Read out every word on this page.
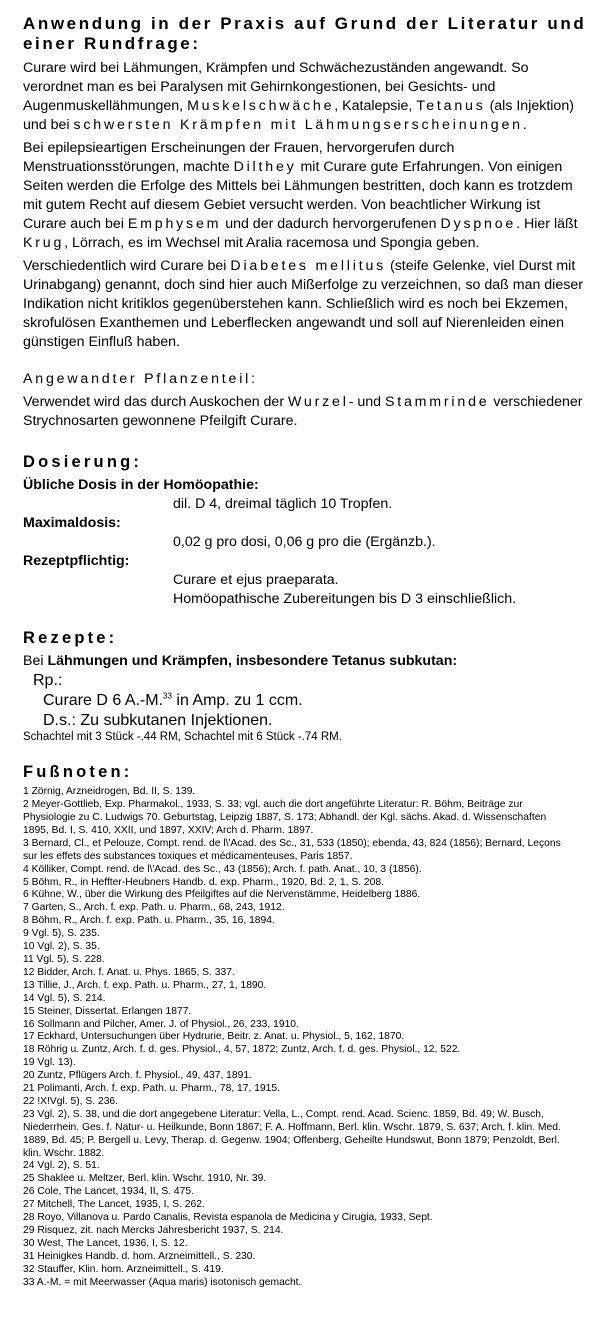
Anwendung in der Praxis auf Grund der Literatur und einer Rundfrage:

Curare wird bei Lähmungen, Krämpfen und Schwächezuständen angewandt. So verordnet man es bei Paralysen mit Gehirnkongestionen, bei Gesichts- und Augenmuskellähmungen, Muskelschwäche, Katalepsie, Tetanus (als Injektion) und bei schwersten Krämpfen mit Lähmungserscheinungen.

Bei epilepsieartigen Erscheinungen der Frauen, hervorgerufen durch Menstruationsstörungen, machte Dilthey mit Curare gute Erfahrungen. Von einigen Seiten werden die Erfolge des Mittels bei Lähmungen bestritten, doch kann es trotzdem mit gutem Recht auf diesem Gebiet versucht werden. Von beachtlicher Wirkung ist Curare auch bei Emphysem und der dadurch hervorgerufenen Dyspnoe. Hier läßt Krug, Lörrach, es im Wechsel mit Aralia racemosa und Spongia geben.

Verschiedentlich wird Curare bei Diabetes mellitus (steife Gelenke, viel Durst mit Urinabgang) genannt, doch sind hier auch Mißerfolge zu verzeichnen, so daß man dieser Indikation nicht kritiklos gegenüberstehen kann. Schließlich wird es noch bei Ekzemen, skrofulösen Exanthemen und Leberflecken angewandt und soll auf Nierenleiden einen günstigen Einfluß haben.

Angewandter Pflanzenteil:

Verwendet wird das durch Auskochen der Wurzel- und Stammrinde verschiedener Strychnosarten gewonnene Pfeilgift Curare.

Dosierung:
Übliche Dosis in der Homöopathie:
dil. D 4, dreimal täglich 10 Tropfen.
Maximaldosis:
0,02 g pro dosi, 0,06 g pro die (Ergänzb.).
Rezeptpflichtig:
Curare et ejus praeparata.
Homöopathische Zubereitungen bis D 3 einschließlich.
Rezepte:
Bei Lähmungen und Krämpfen, insbesondere Tetanus subkutan:
Rp.:
Curare D 6 A.-M.$^{33}$ in Amp. zu 1 ccm.
D.s.: Zu subkutanen Injektionen.
Schachtel mit 3 Stück -.44 RM, Schachtel mit 6 Stück -.74 RM.
Fußnoten:

1 Zörnig, Arzneidrogen, Bd. II, S. 139.

2 Meyer-Gottlieb, Exp. Pharmakol., 1933, S. 33; vgl. auch die dort angeführte Literatur: R. Böhm, Beiträge zur Physiologie zu C. Ludwigs 70. Geburtstag, Leipzig 1887, S. 173; Abhandl. der Kgl. sächs. Akad. d. Wissenschaften 1895, Bd. I, S. 410, XXII, und 1897, XXIV; Arch d. Pharm. 1897.

3 Bernard, Cl., et Pelouze, Compt. rend. de l\'Acad. des Sc., 31, 533 (1850); ebenda, 43, 824 (1856); Bernard, Leçons sur les effets des substances toxiques et médicamenteuses, Paris 1857.

4 Kölliker, Compt. rend. de l\'Acad. des Sc., 43 (1856); Arch. f. path. Anat., 10, 3 (1856).

5 Böhm, R., in Heffter-Heubners Handb. d. exp. Pharm., 1920, Bd. 2, 1, S. 208.

6 Kühne, W., über die Wirkung des Pfeilgiftes auf die Nervenstämme, Heidelberg 1886.

7 Garten, S., Arch. f. exp. Path. u. Pharm., 68, 243, 1912.

8 Böhm, R., Arch. f. exp. Path. u. Pharm., 35, 16, 1894.

9 Vgl. 5), S. 235.

10 Vgl. 2), S. 35.

11 Vgl. 5), S. 228.

12 Bidder, Arch. f. Anat. u. Phys. 1865, S. 337.

13 Tillie, J., Arch. f. exp. Path. u. Pharm., 27, 1, 1890.

14 Vgl. 5), S. 214.

15 Steiner, Dissertat. Erlangen 1877.

16 Sollmann and Pilcher, Amer. J. of Physiol., 26, 233, 1910.

17 Eckhard, Untersuchungen über Hydrurie, Beitr. z. Anat. u. Physiol., 5, 162, 1870.

18 Röhrig u. Zuntz, Arch. f. d. ges. Physiol., 4, 57, 1872; Zuntz, Arch. f. d. ges. Physiol., 12, 522.

19 Vgl. 13).

20 Zuntz, Pflügers Arch. f. Physiol., 49, 437, 1891.

21 Polimanti, Arch. f. exp. Path. u. Pharm., 78, 17, 1915.

22 !X!Vgl. 5), S. 236.

23 Vgl. 2), S. 38, und die dort angegebene Literatur: Vella, L., Compt. rend. Acad. Scienc. 1859, Bd. 49; W. Busch, Niederrhein. Ges. f. Natur- u. Heilkunde, Bonn 1867; F. A. Hoffmann, Berl. klin. Wschr. 1879, S. 637; Arch. f. klin. Med. 1889, Bd. 45; P. Bergell u. Levy, Therap. d. Gegenw. 1904; Offenberg, Geheilte Hundswut, Bonn 1879; Penzoldt, Berl. klin. Wschr. 1882.

24 Vgl. 2), S. 51.

25 Shaklee u. Meltzer, Berl. klin. Wschr. 1910, Nr. 39.

26 Cole, The Lancet, 1934, II, S. 475.

27 Mitchell, The Lancet, 1935, I, S. 262.

28 Royo, Villanova u. Pardo Canalis, Revista espanola de Medicina y Cirugia, 1933, Sept.

29 Risquez, zit. nach Mercks Jahresbericht 1937, S. 214.

30 West, The Lancet, 1936, I, S. 12.

31 Heinigkes Handb. d. hom. Arzneimittell., S. 230.

32 Stauffer, Klin. hom. Arzneimittell., S. 419.

33 A.-M. = mit Meerwasser (Aqua maris) isotonisch gemacht.
